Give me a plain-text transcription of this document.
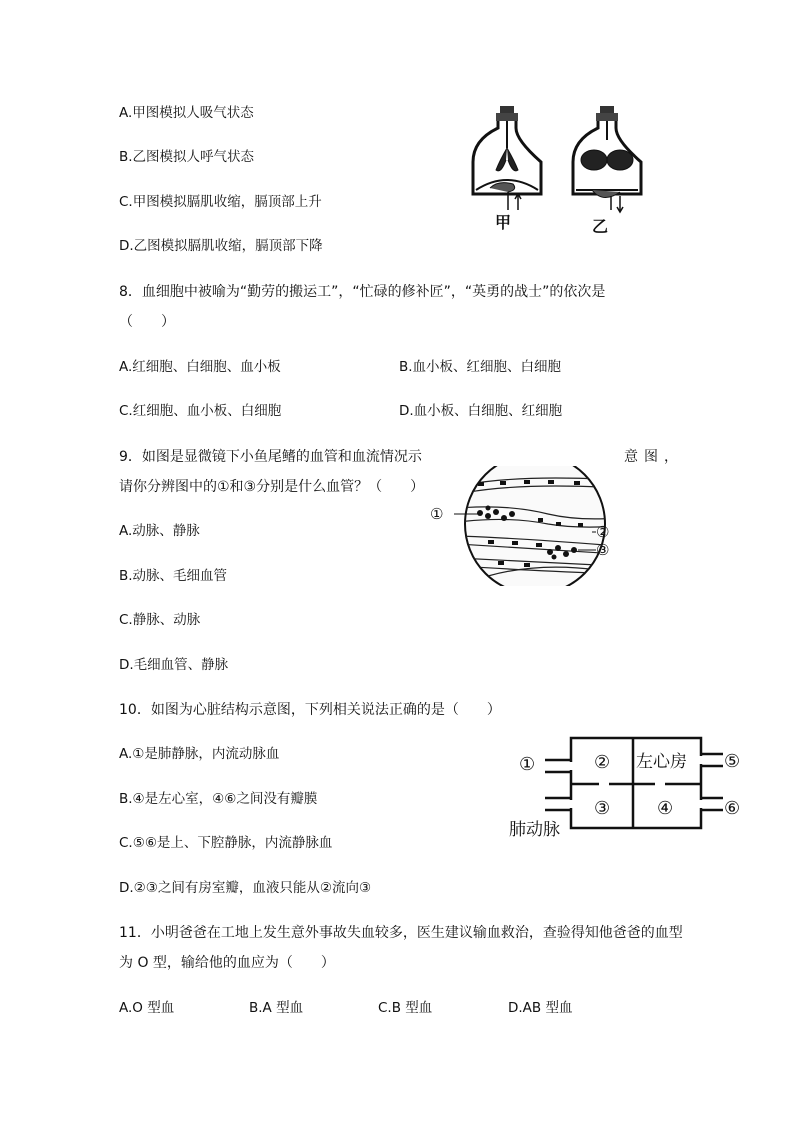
A.甲图模拟人吸气状态
B.乙图模拟人呼气状态
C.甲图模拟膈肌收缩，膈顶部上升
D.乙图模拟膈肌收缩，膈顶部下降
甲	乙
8．血细胞中被喻为“勤劳的搬运工”，“忙碌的修补匠”，“英勇的战士”的依次是
（　　）
A.红细胞、白细胞、血小板	B.血小板、红细胞、白细胞
C.红细胞、血小板、白细胞	D.血小板、白细胞、红细胞
9．如图是显微镜下小鱼尾鳍的血管和血流情况示	意图，
请你分辨图中的①和③分别是什么血管？（　　）
A.动脉、静脉
B.动脉、毛细血管
C.静脉、动脉
D.毛细血管、静脉
①
②
③
10．如图为心脏结构示意图，下列相关说法正确的是（　　）
A.①是肺静脉，内流动脉血
B.④是左心室，④⑥之间没有瓣膜
C.⑤⑥是上、下腔静脉，内流静脉血
D.②③之间有房室瓣，血液只能从②流向③
①	② 左心房 ⑤
③	④	⑥
肺动脉
11．小明爸爸在工地上发生意外事故失血较多，医生建议输血救治，查验得知他爸爸的血型
为 O 型，输给他的血应为（　　）
A.O 型血	B.A 型血	C.B 型血	D.AB 型血
